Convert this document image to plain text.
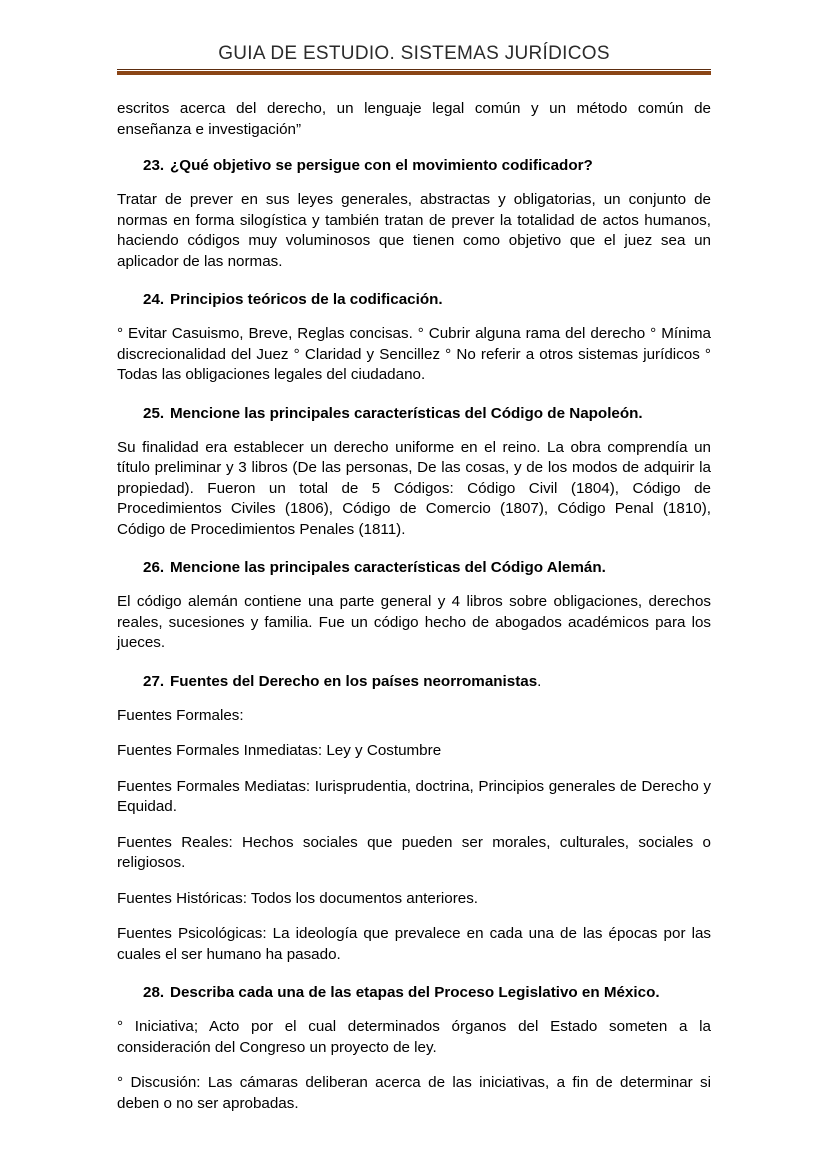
GUIA DE ESTUDIO. SISTEMAS JURÍDICOS

escritos acerca del derecho, un lenguaje legal común y un método común de enseñanza e investigación”

23. ¿Qué objetivo se persigue con el movimiento codificador?

Tratar de prever en sus leyes generales, abstractas y obligatorias, un conjunto de normas en forma silogística y también tratan de prever la totalidad de actos humanos, haciendo códigos muy voluminosos que tienen como objetivo que el juez sea un aplicador de las normas.

24. Principios teóricos de la codificación.

° Evitar Casuismo, Breve, Reglas concisas. ° Cubrir alguna rama del derecho ° Mínima discrecionalidad del Juez ° Claridad y Sencillez ° No referir a otros sistemas jurídicos ° Todas las obligaciones legales del ciudadano.

25. Mencione las principales características del Código de Napoleón.

Su finalidad era establecer un derecho uniforme en el reino. La obra comprendía un título preliminar y 3 libros (De las personas, De las cosas, y de los modos de adquirir la propiedad). Fueron un total de 5 Códigos: Código Civil (1804), Código de Procedimientos Civiles (1806), Código de Comercio (1807), Código Penal (1810), Código de Procedimientos Penales (1811).

26. Mencione las principales características del Código Alemán.

El código alemán contiene una parte general y 4 libros sobre obligaciones, derechos reales, sucesiones y familia. Fue un código hecho de abogados académicos para los jueces.

27. Fuentes del Derecho en los países neorromanistas.

Fuentes Formales:

Fuentes Formales Inmediatas: Ley y Costumbre

Fuentes Formales Mediatas: Iurisprudentia, doctrina, Principios generales de Derecho y Equidad.

Fuentes Reales: Hechos sociales que pueden ser morales, culturales, sociales o religiosos.

Fuentes Históricas: Todos los documentos anteriores.

Fuentes Psicológicas: La ideología que prevalece en cada una de las épocas por las cuales el ser humano ha pasado.

28. Describa cada una de las etapas del Proceso Legislativo en México.

° Iniciativa; Acto por el cual determinados órganos del Estado someten a la consideración del Congreso un proyecto de ley.

° Discusión: Las cámaras deliberan acerca de las iniciativas, a fin de determinar si deben o no ser aprobadas.
